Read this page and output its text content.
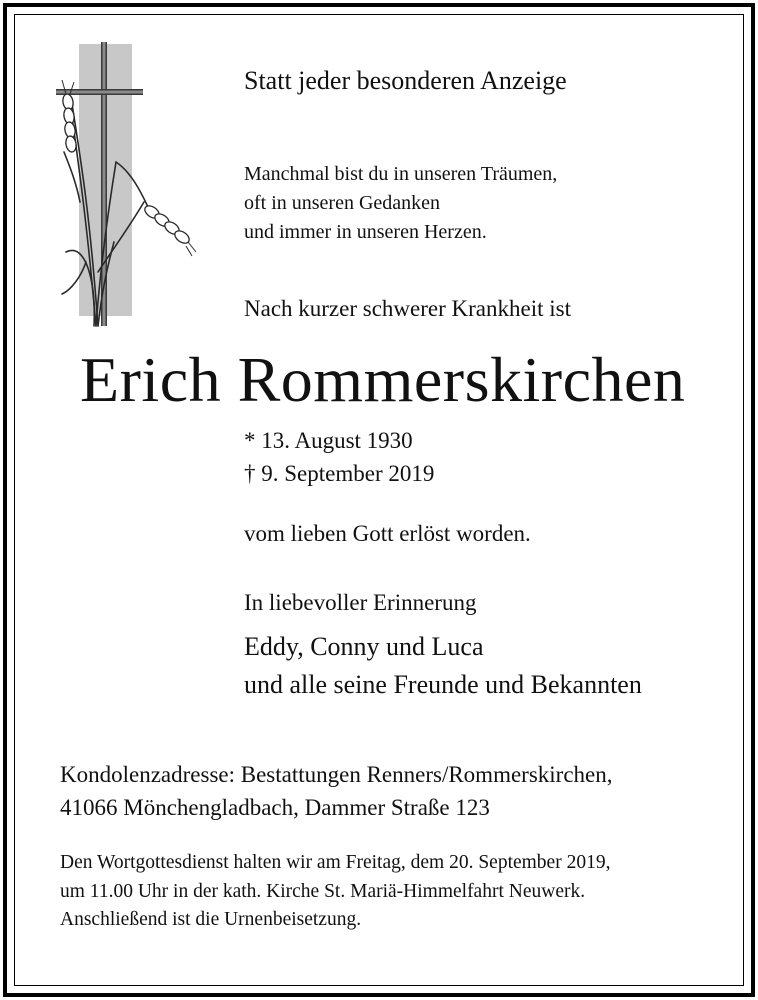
Statt jeder besonderen Anzeige
Manchmal bist du in unseren Träumen,
oft in unseren Gedanken
und immer in unseren Herzen.
Nach kurzer schwerer Krankheit ist
Erich Rommerskirchen
* 13. August 1930
† 9. September 2019
vom lieben Gott erlöst worden.
In liebevoller Erinnerung
Eddy, Conny und Luca
und alle seine Freunde und Bekannten
Kondolenzadresse: Bestattungen Renners/Rommerskirchen,
41066 Mönchengladbach, Dammer Straße 123
Den Wortgottesdienst halten wir am Freitag, dem 20. September 2019,
um 11.00 Uhr in der kath. Kirche St. Mariä-Himmelfahrt Neuwerk.
Anschließend ist die Urnenbeisetzung.
